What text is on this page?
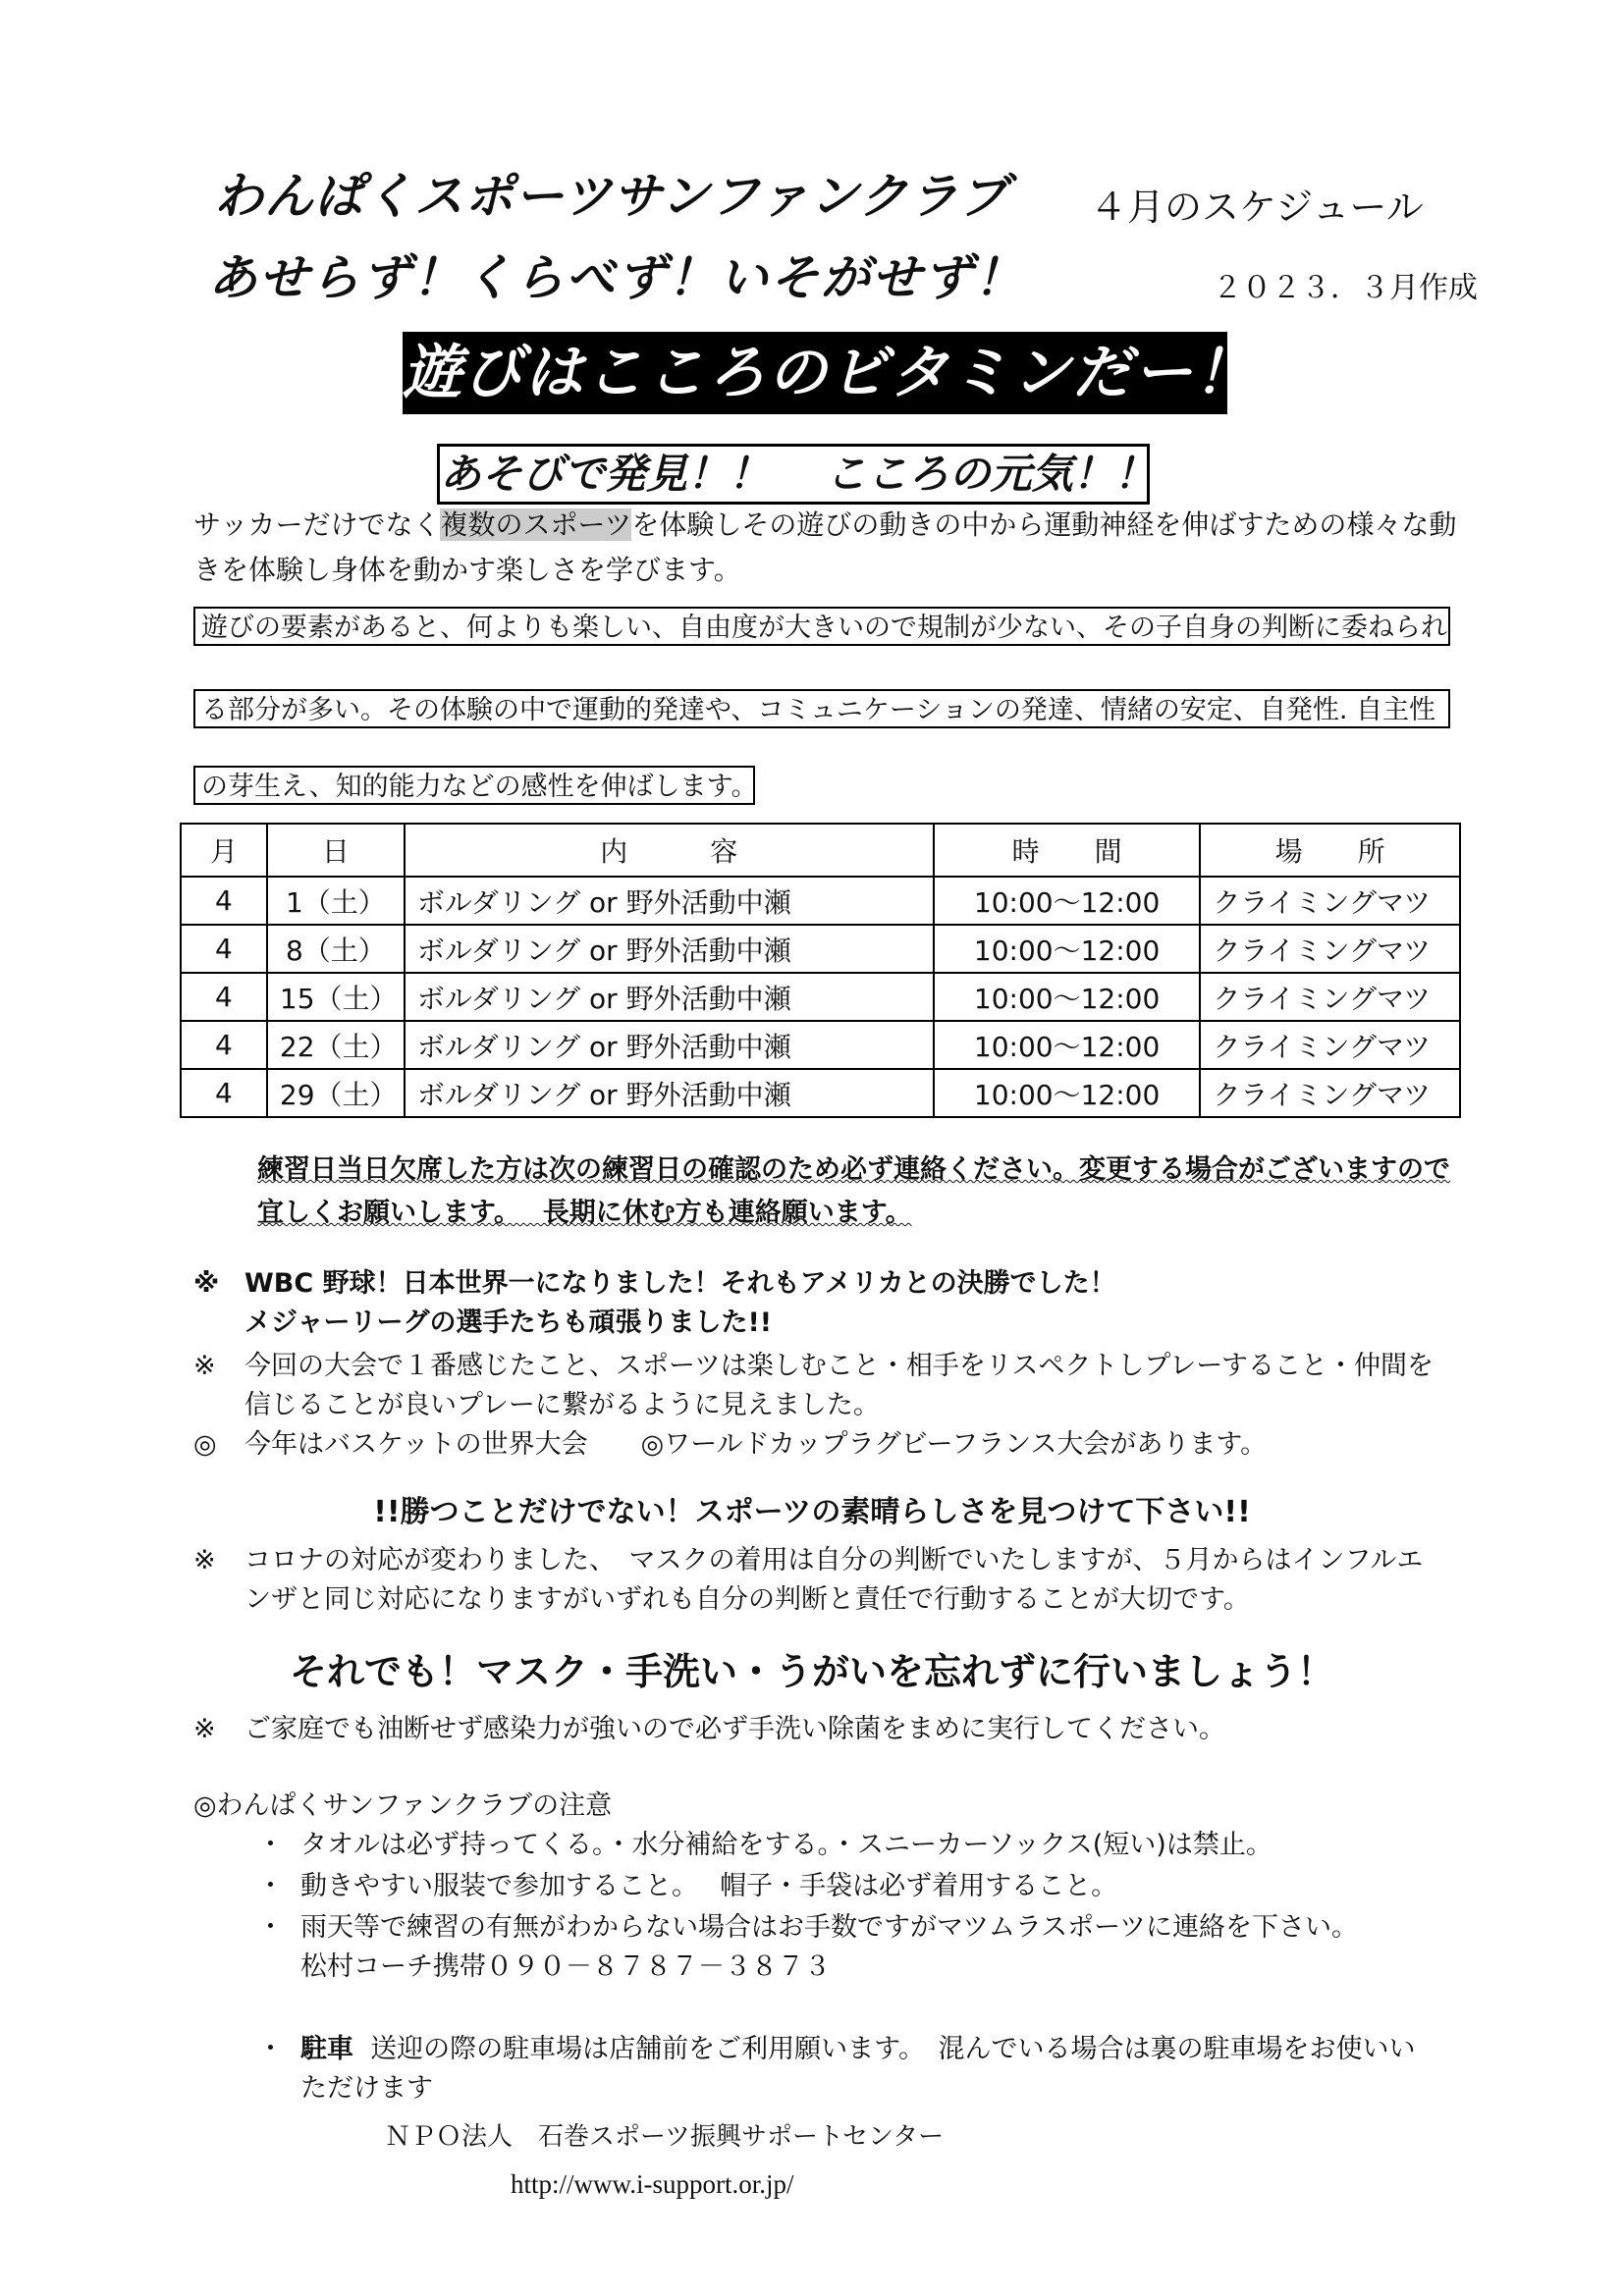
わんぱくスポーツサンファンクラブ ４月のスケジュール
あせらず！くらべず！いそがせず！	２０２３．３月作成
遊びはこころのビタミンだー！
あそびで発見！！　 こころの元気！！
サッカーだけでなく複数のスポーツを体験しその遊びの動きの中から運動神経を伸ばすための様々な動きを体験し身体を動かす楽しさを学びます。
遊びの要素があると、何よりも楽しい、自由度が大きいので規制が少ない、その子自身の判断に委ねられ
る部分が多い。その体験の中で運動的発達や、コミュニケーションの発達、情緒の安定、自発性. 自主性
の芽生え、知的能力などの感性を伸ばします。
月	日	内　　　容	時　　間	場　　所
4	1（土）	ボルダリング or 野外活動中瀬	10:00～12:00	クライミングマツ
4	8（土）	ボルダリング or 野外活動中瀬	10:00～12:00	クライミングマツ
4	15（土）	ボルダリング or 野外活動中瀬	10:00～12:00	クライミングマツ
4	22（土）	ボルダリング or 野外活動中瀬	10:00～12:00	クライミングマツ
4	29（土）	ボルダリング or 野外活動中瀬	10:00～12:00	クライミングマツ
練習日当日欠席した方は次の練習日の確認のため必ず連絡ください。変更する場合がございますので
宜しくお願いします。　 長期に休む方も連絡願います。
※ WBC 野球！日本世界一になりました！それもアメリカとの決勝でした！
メジャーリーグの選手たちも頑張りました!!
※ 今回の大会で１番感じたこと、スポーツは楽しむこと・相手をリスペクトしプレーすること・仲間を
信じることが良いプレーに繋がるように見えました。
◎ 今年はバスケットの世界大会　　◎ワールドカップラグビーフランス大会があります。
!!勝つことだけでない！スポーツの素晴らしさを見つけて下さい!!
※ コロナの対応が変わりました、　マスクの着用は自分の判断でいたしますが、５月からはインフルエ
ンザと同じ対応になりますがいずれも自分の判断と責任で行動することが大切です。
それでも！マスク・手洗い・うがいを忘れずに行いましょう！
※ ご家庭でも油断せず感染力が強いので必ず手洗い除菌をまめに実行してください。
◎わんぱくサンファンクラブの注意
・ タオルは必ず持ってくる。・水分補給をする。・スニーカーソックス(短い)は禁止。
・ 動きやすい服装で参加すること。　 帽子・手袋は必ず着用すること。
・ 雨天等で練習の有無がわからない場合はお手数ですがマツムラスポーツに連絡を下さい。
松村コーチ携帯０９０－８７８７－３８７３
・ 駐車 送迎の際の駐車場は店舗前をご利用願います。　混んでいる場合は裏の駐車場をお使いい
ただけます
ＮＰＯ法人　石巻スポーツ振興サポートセンター
http://www.i-support.or.jp/
